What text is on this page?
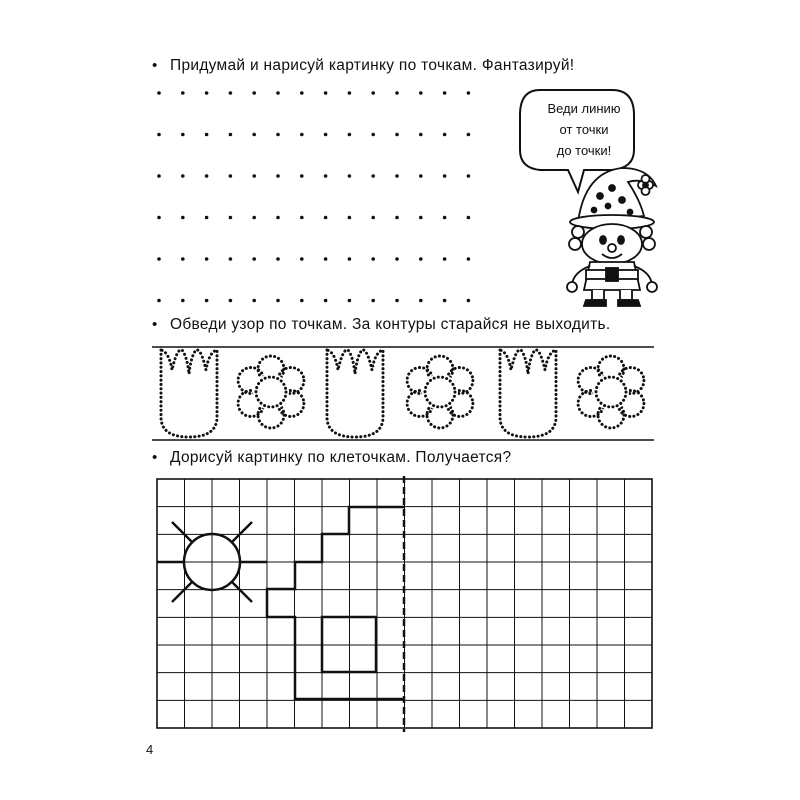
• Придумай и нарисуй картинку по точкам. Фантазируй!
• Обведи узор по точкам. За контуры старайся не выходить.
• Дорисуй картинку по клеточкам. Получается?
Веди линию
от точки
до точки!
4
